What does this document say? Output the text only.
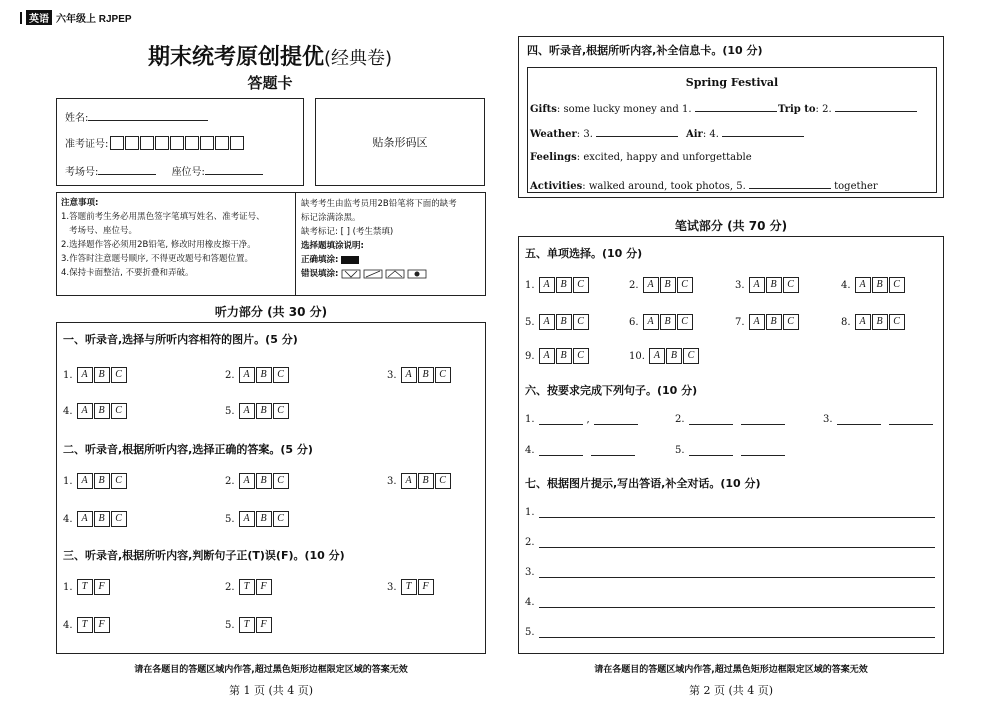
英语 六年级上 RJPEP
期末统考原创提优(经典卷)
答题卡
姓名:
准考证号:
考场号:	座位号:
贴条形码区
注意事项:
1.答题前考生务必用黑色签字笔填写姓名、准考证号、
考场号、座位号。
2.选择题作答必须用2B铅笔, 修改时用橡皮擦干净。
3.作答时注意题号顺序, 不得更改题号和答题位置。
4.保持卡面整洁, 不要折叠和弄破。
缺考考生由监考员用2B铅笔将下面的缺考
标记涂满涂黑。
缺考标记: [ ] (考生禁填)
选择题填涂说明:
正确填涂:
错误填涂:
听力部分 (共 30 分)
一、听录音,选择与所听内容相符的图片。(5 分)
1. A	B	C	2. A	B	C	3. A	B	C
4. A	B	C	5. A	B	C
二、听录音,根据所听内容,选择正确的答案。(5 分)
1. A	B	C	2. A	B	C	3. A	B	C
4. A	B	C	5. A	B	C
三、听录音,根据所听内容,判断句子正(T)误(F)。(10 分)
1. T	F	2. T	F	3. T	F
4. T	F	5. T	F
请在各题目的答题区域内作答,超过黑色矩形边框限定区域的答案无效
第 1 页 (共 4 页)
四、听录音,根据所听内容,补全信息卡。(10 分)
Spring Festival
Gifts: some lucky money and 1.	Trip to: 2.
Weather: 3.	Air: 4.
Feelings: excited, happy and unforgettable
Activities: walked around, took photos, 5.	together
笔试部分 (共 70 分)
五、单项选择。(10 分)
1. A	B	C	2. A	B	C	3. A	B	C	4. A	B	C
5. A	B	C	6. A	B	C	7. A	B	C	8. A	B	C
9. A	B	C	10. A	B	C
六、按要求完成下列句子。(10 分)
1.	,	2.	3.
4.	5.
七、根据图片提示,写出答语,补全对话。(10 分)
1.
2.
3.
4.
5.
请在各题目的答题区域内作答,超过黑色矩形边框限定区域的答案无效
第 2 页 (共 4 页)
